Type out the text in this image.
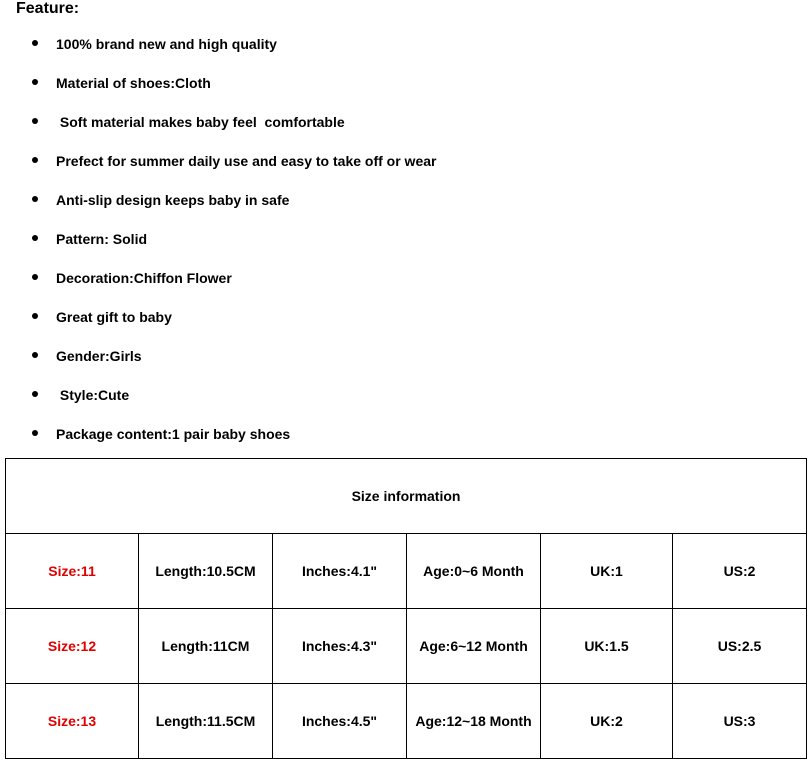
Feature:
100% brand new and high quality
Material of shoes:Cloth
Soft material makes baby feel  comfortable
Prefect for summer daily use and easy to take off or wear
Anti-slip design keeps baby in safe
Pattern: Solid
Decoration:Chiffon Flower
Great gift to baby
Gender:Girls
Style:Cute
Package content:1 pair baby shoes
Size information					
Size:11	Length:10.5CM	Inches:4.1"	Age:0~6 Month	UK:1	US:2
Size:12	Length:11CM	Inches:4.3"	Age:6~12 Month	UK:1.5	US:2.5
Size:13	Length:11.5CM	Inches:4.5"	Age:12~18 Month	UK:2	US:3
